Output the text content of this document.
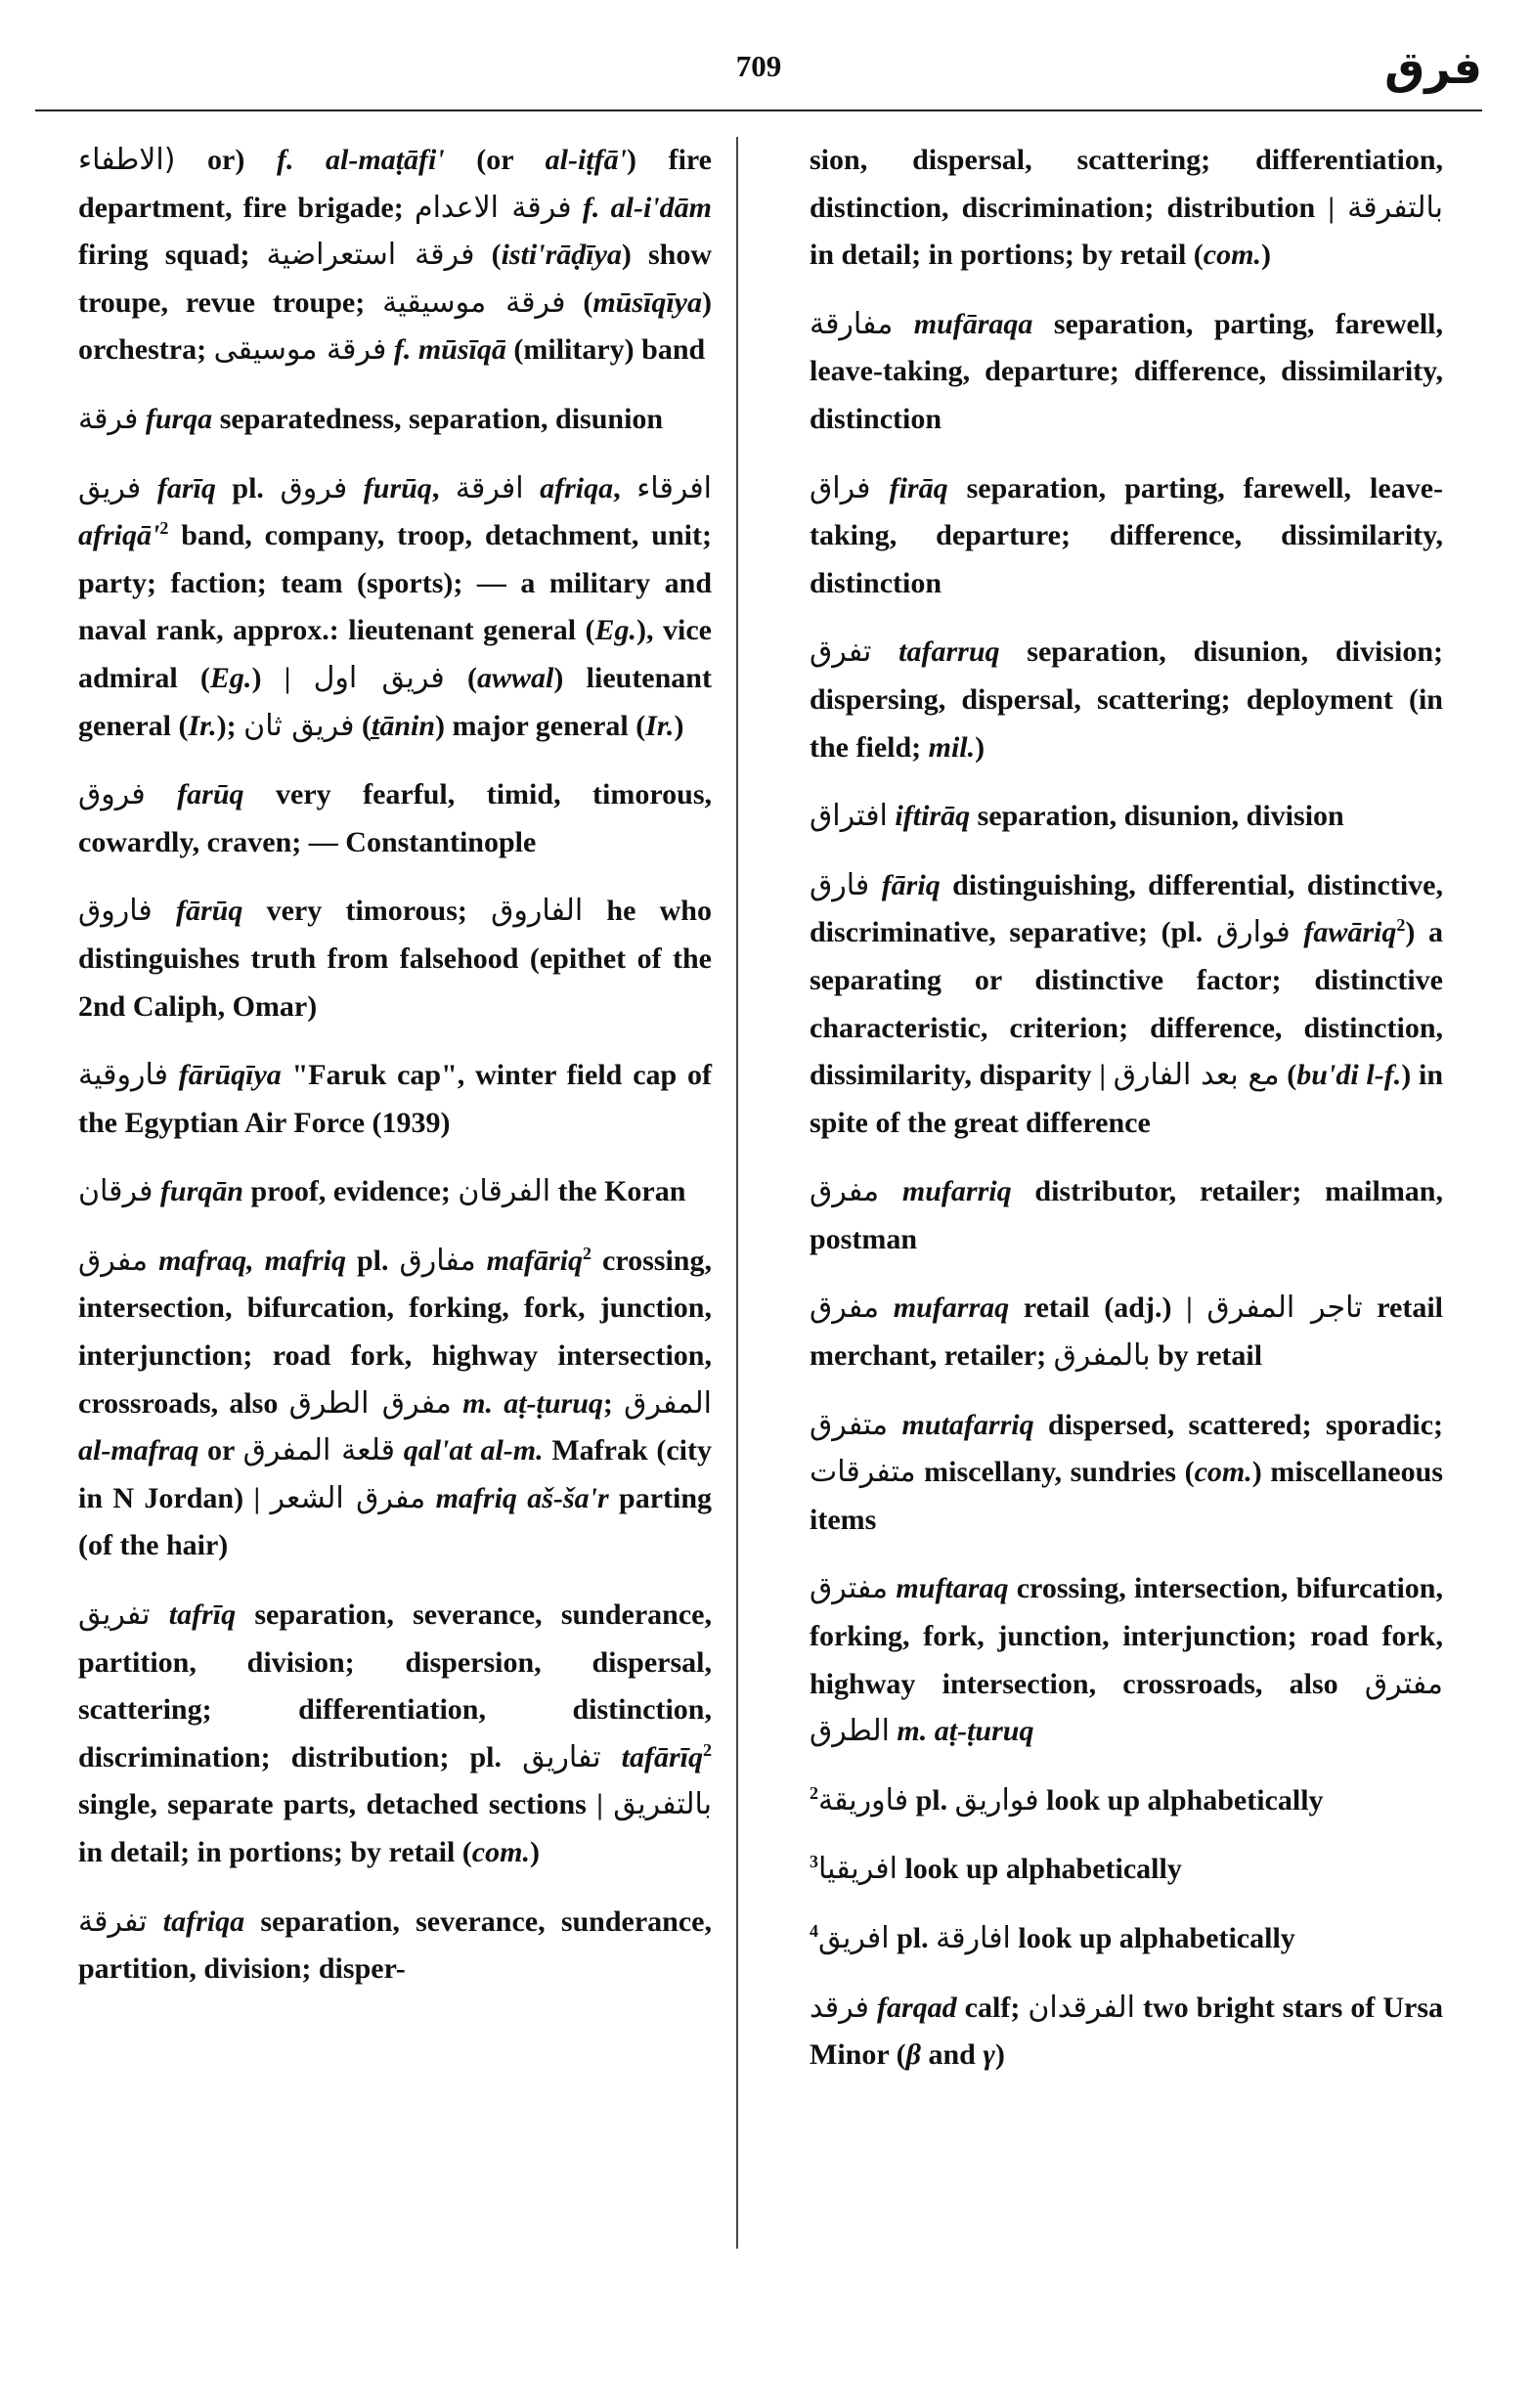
709	فرق

(الاطفاء or) f. al-maṭāfi' (or al-iṭfā') fire department, fire brigade; فرقة الاعدام f. al-i'dām firing squad; فرقة استعراضية (isti'rāḍīya) show troupe, revue troupe; فرقة موسيقية (mūsīqīya) orchestra; فرقة موسيقى f. mūsīqā (military) band

فرقة furqa separatedness, separation, disunion

فريق farīq pl. فروق furūq, افرقة afriqa, افرقاء $afriqā'^2$ band, company, troop, detachment, unit; party; faction; team (sports); — a military and naval rank, approx.: lieutenant general (Eg.), vice admiral (Eg.) | فريق اول (awwal) lieutenant general (Ir.); فريق ثان (ṯānin) major general (Ir.)

فروق farūq very fearful, timid, timorous, cowardly, craven; — Constantinople

فاروق fārūq very timorous; الفاروق he who distinguishes truth from falsehood (epithet of the 2nd Caliph, Omar)

فاروقية fārūqīya "Faruk cap", winter field cap of the Egyptian Air Force (1939)

فرقان furqān proof, evidence; الفرقان the Koran

مفرق mafraq, mafriq pl. مفارق mafāriq$^2$ crossing, intersection, bifurcation, forking, fork, junction, interjunction; road fork, highway intersection, crossroads, also مفرق الطرق m. aṭ-ṭuruq; المفرق al-mafraq or قلعة المفرق qal'at al-m. Mafrak (city in N Jordan) | مفرق الشعر mafriq aš-ša'r parting (of the hair)

تفريق tafrīq separation, severance, sunderance, partition, division; dispersion, dispersal, scattering; differentiation, distinction, discrimination; distribution; pl. تفاريق tafārīq$^2$ single, separate parts, detached sections | بالتفريق in detail; in portions; by retail (com.)

تفرقة tafriqa separation, severance, sunderance, partition, division; disper-

sion, dispersal, scattering; differentiation, distinction, discrimination; distribution | بالتفرقة in detail; in portions; by retail (com.)

مفارقة mufāraqa separation, parting, farewell, leave-taking, departure; difference, dissimilarity, distinction

فراق firāq separation, parting, farewell, leave-taking, departure; difference, dissimilarity, distinction

تفرق tafarruq separation, disunion, division; dispersing, dispersal, scattering; deployment (in the field; mil.)

افتراق iftirāq separation, disunion, division

فارق fāriq distinguishing, differential, distinctive, discriminative, separative; (pl. فوارق fawāriq$^2$) a separating or distinctive factor; distinctive characteristic, criterion; difference, distinction, dissimilarity, disparity | مع بعد الفارق (bu'di l-f.) in spite of the great difference

مفرق mufarriq distributor, retailer; mailman, postman

مفرق mufarraq retail (adj.) | تاجر المفرق retail merchant, retailer; بالمفرق by retail

متفرق mutafarriq dispersed, scattered; sporadic; متفرقات miscellany, sundries (com.) miscellaneous items

مفترق muftaraq crossing, intersection, bifurcation, forking, fork, junction, interjunction; road fork, highway intersection, crossroads, also مفترق الطرق m. aṭ-ṭuruq

$^2$فاوريقة pl. فواريق look up alphabetically

$^3$افريقيا look up alphabetically

$^4$افريق pl. افارقة look up alphabetically

فرقد farqad calf; الفرقدان two bright stars of Ursa Minor (β and γ)
